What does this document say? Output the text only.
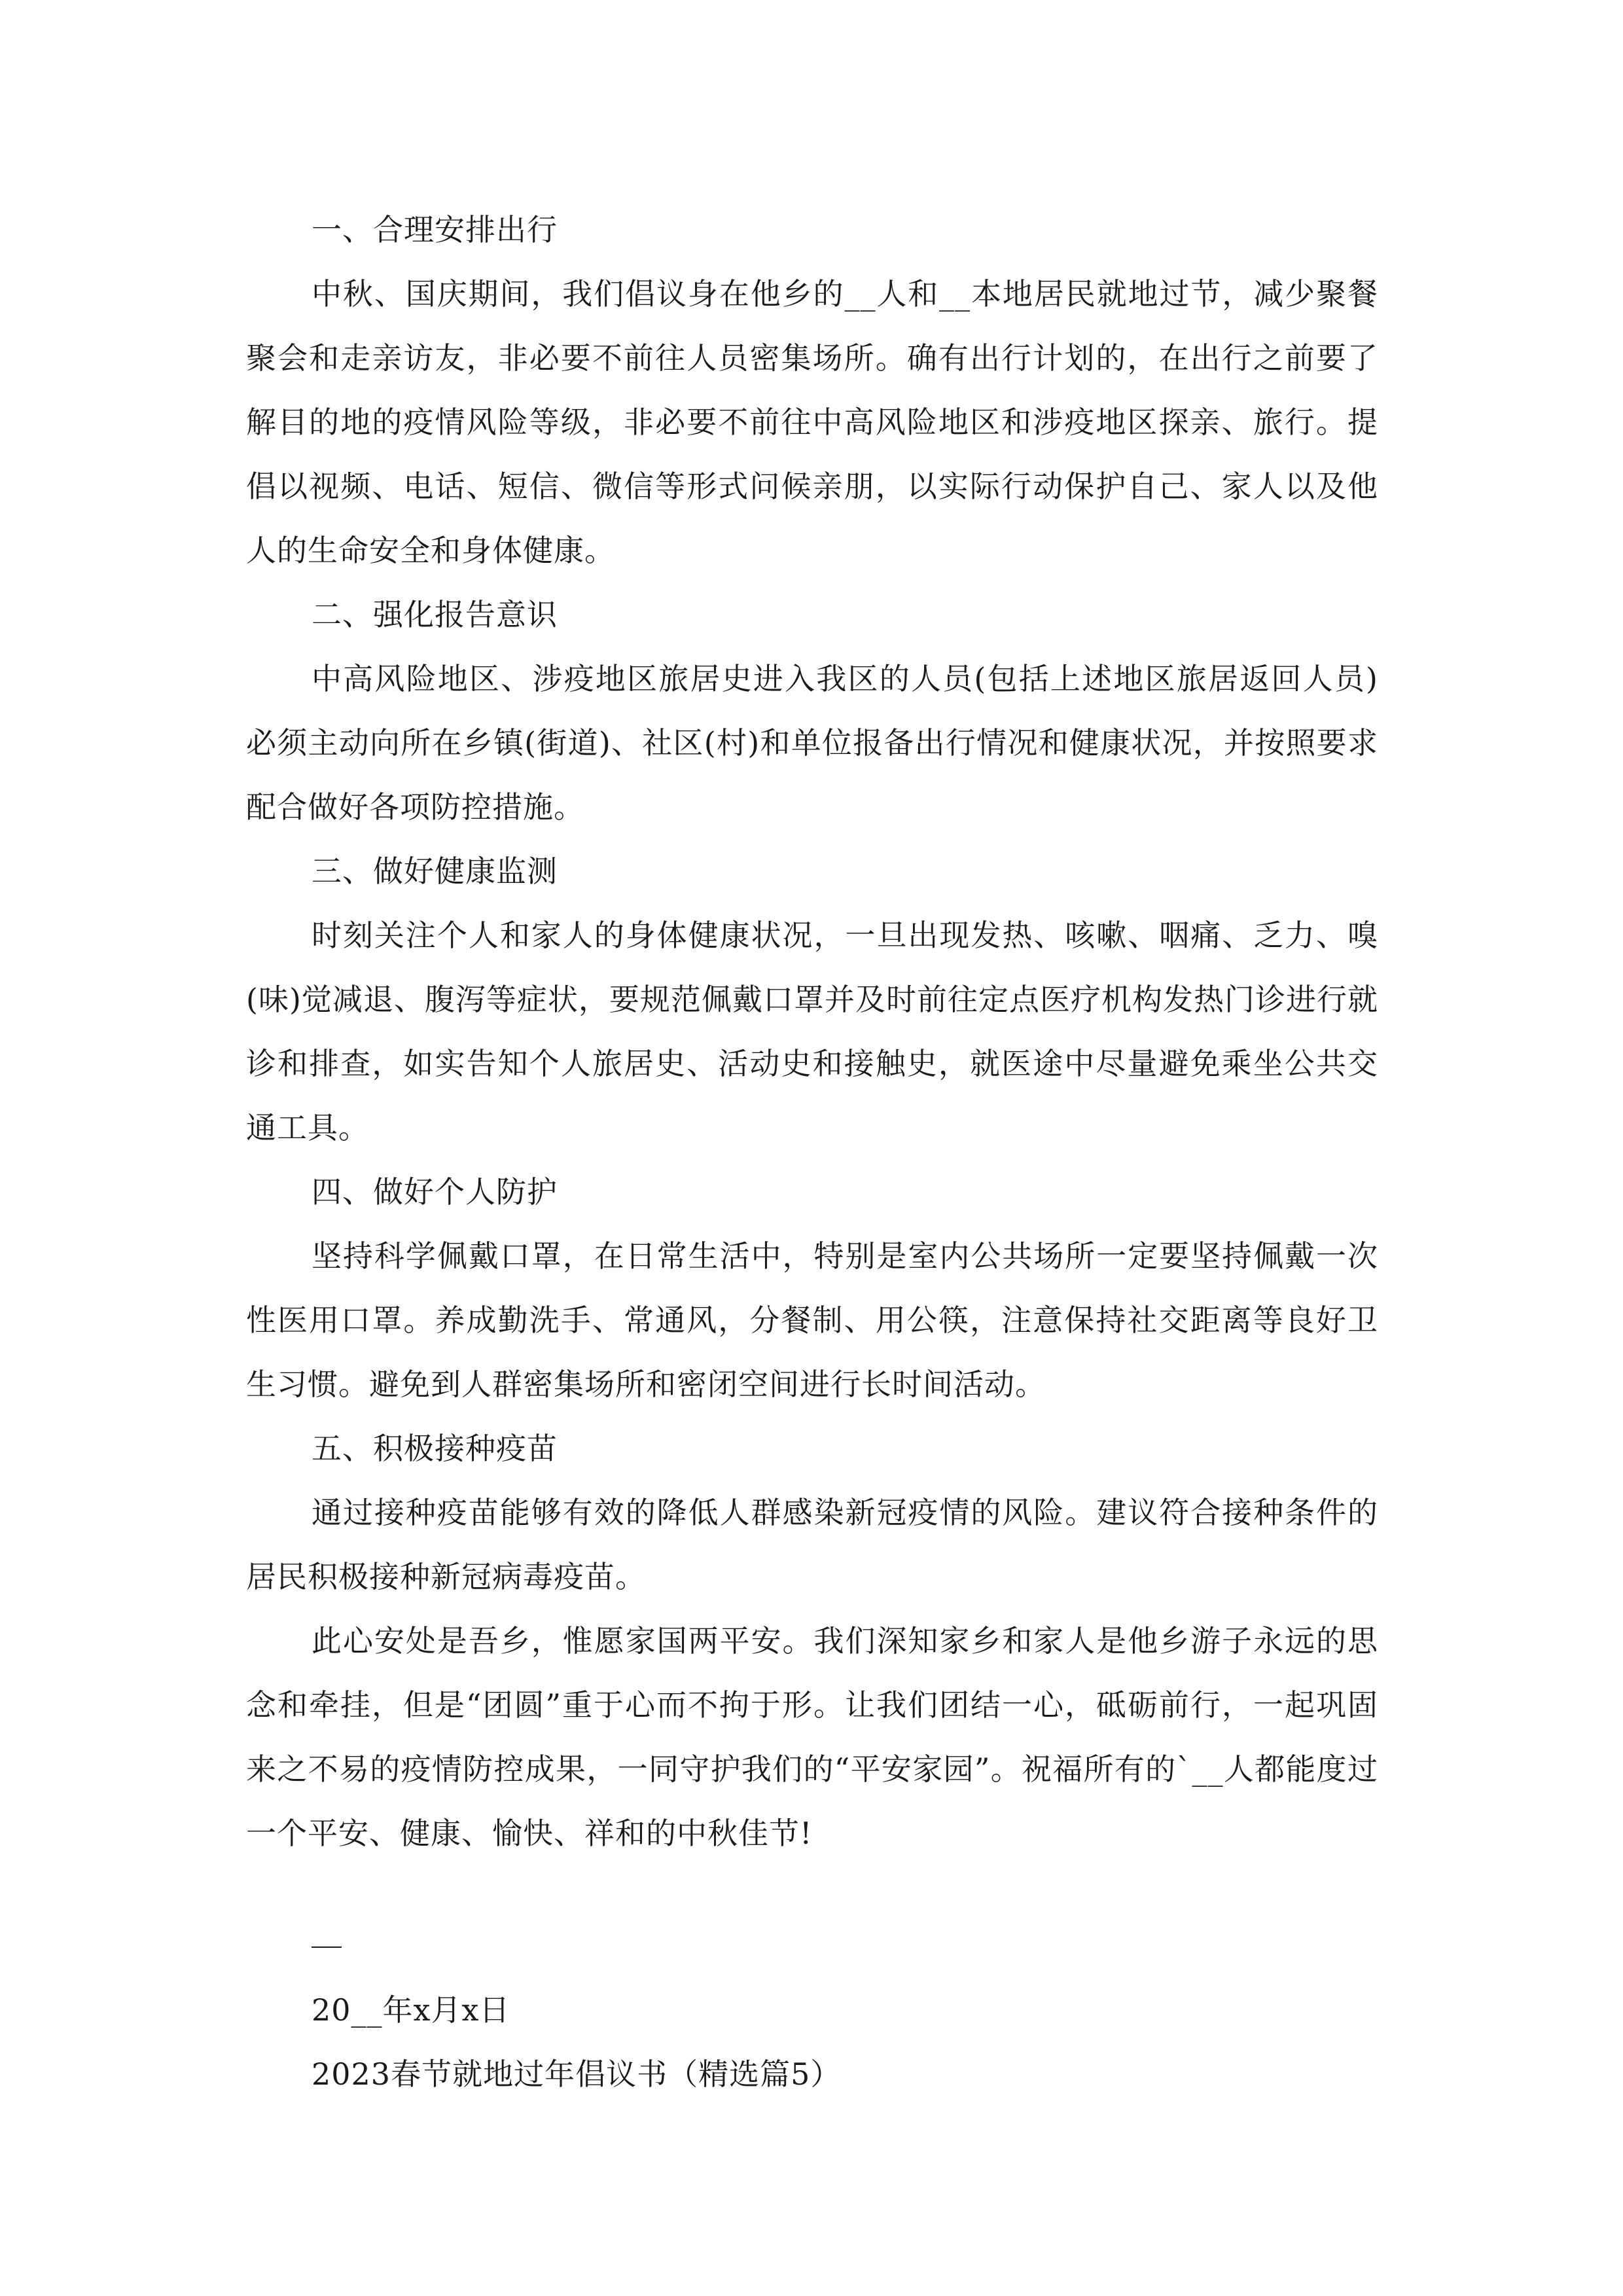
一、合理安排出行

中秋、国庆期间，我们倡议身在他乡的__人和__本地居民就地过节，减少聚餐聚会和走亲访友，非必要不前往人员密集场所。确有出行计划的，在出行之前要了解目的地的疫情风险等级，非必要不前往中高风险地区和涉疫地区探亲、旅行。提倡以视频、电话、短信、微信等形式问候亲朋，以实际行动保护自己、家人以及他人的生命安全和身体健康。

二、强化报告意识

中高风险地区、涉疫地区旅居史进入我区的人员(包括上述地区旅居返回人员)必须主动向所在乡镇(街道)、社区(村)和单位报备出行情况和健康状况，并按照要求配合做好各项防控措施。

三、做好健康监测

时刻关注个人和家人的身体健康状况，一旦出现发热、咳嗽、咽痛、乏力、嗅(味)觉减退、腹泻等症状，要规范佩戴口罩并及时前往定点医疗机构发热门诊进行就诊和排查，如实告知个人旅居史、活动史和接触史，就医途中尽量避免乘坐公共交通工具。

四、做好个人防护

坚持科学佩戴口罩，在日常生活中，特别是室内公共场所一定要坚持佩戴一次性医用口罩。养成勤洗手、常通风，分餐制、用公筷，注意保持社交距离等良好卫生习惯。避免到人群密集场所和密闭空间进行长时间活动。

五、积极接种疫苗

通过接种疫苗能够有效的降低人群感染新冠疫情的风险。建议符合接种条件的居民积极接种新冠病毒疫苗。

此心安处是吾乡，惟愿家国两平安。我们深知家乡和家人是他乡游子永远的思念和牵挂，但是“团圆”重于心而不拘于形。让我们团结一心，砥砺前行，一起巩固来之不易的疫情防控成果，一同守护我们的“平安家园”。祝福所有的`__人都能度过一个平安、健康、愉快、祥和的中秋佳节!

20__年x月x日

2023春节就地过年倡议书（精选篇5）
